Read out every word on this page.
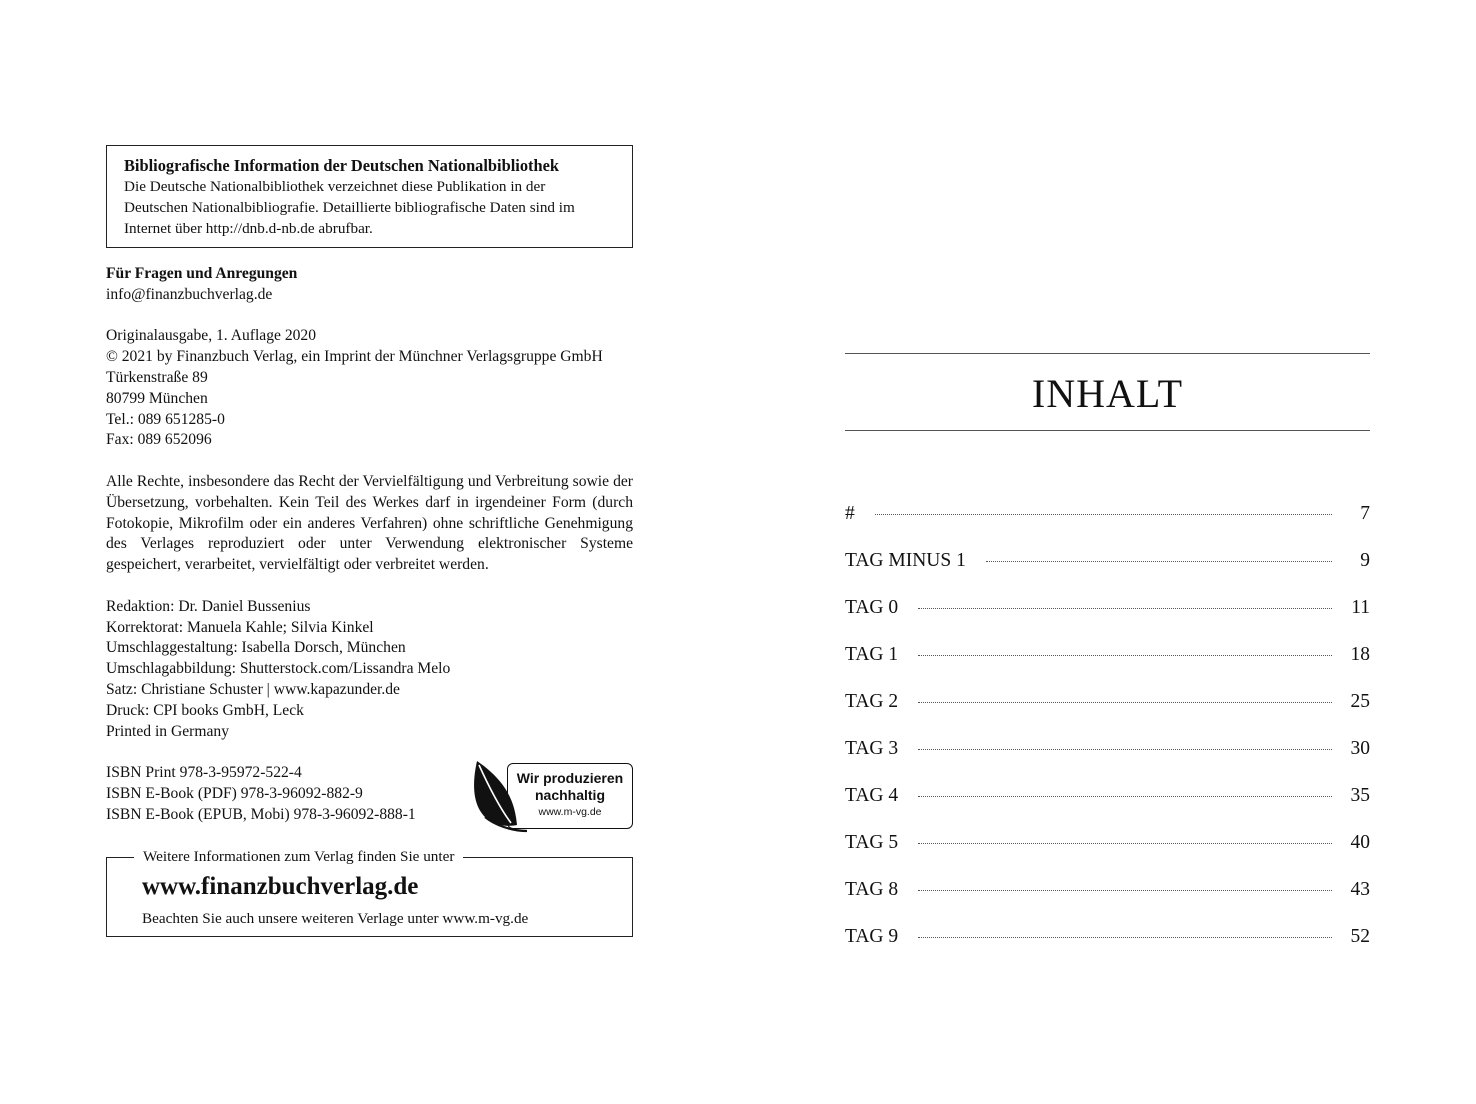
Bibliografische Information der Deutschen Nationalbibliothek
Die Deutsche Nationalbibliothek verzeichnet diese Publikation in der
Deutschen Nationalbibliografie. Detaillierte bibliografische Daten sind im
Internet über http://dnb.d-nb.de abrufbar.
Für Fragen und Anregungen
info@finanzbuchverlag.de
Originalausgabe, 1. Auflage 2020
© 2021 by Finanzbuch Verlag, ein Imprint der Münchner Verlagsgruppe GmbH
Türkenstraße 89
80799 München
Tel.: 089 651285-0
Fax: 089 652096
Alle Rechte, insbesondere das Recht der Vervielfältigung und Verbreitung sowie der Übersetzung, vorbehalten. Kein Teil des Werkes darf in irgendeiner Form (durch Fotokopie, Mikrofilm oder ein anderes Verfahren) ohne schriftliche Genehmigung des Verlages reproduziert oder unter Verwendung elektronischer Systeme gespeichert, verarbeitet, vervielfältigt oder verbreitet werden.
Redaktion: Dr. Daniel Bussenius
Korrektorat: Manuela Kahle; Silvia Kinkel
Umschlaggestaltung: Isabella Dorsch, München
Umschlagabbildung: Shutterstock.com/Lissandra Melo
Satz: Christiane Schuster | www.kapazunder.de
Druck: CPI books GmbH, Leck
Printed in Germany
ISBN Print 978-3-95972-522-4
ISBN E-Book (PDF) 978-3-96092-882-9
ISBN E-Book (EPUB, Mobi) 978-3-96092-888-1
Wir produzieren
nachhaltig
www.m-vg.de
Weitere Informationen zum Verlag finden Sie unter
www.finanzbuchverlag.de
Beachten Sie auch unsere weiteren Verlage unter www.m-vg.de
INHALT
#	7
TAG MINUS 1	9
TAG 0	11
TAG 1	18
TAG 2	25
TAG 3	30
TAG 4	35
TAG 5	40
TAG 8	43
TAG 9	52
